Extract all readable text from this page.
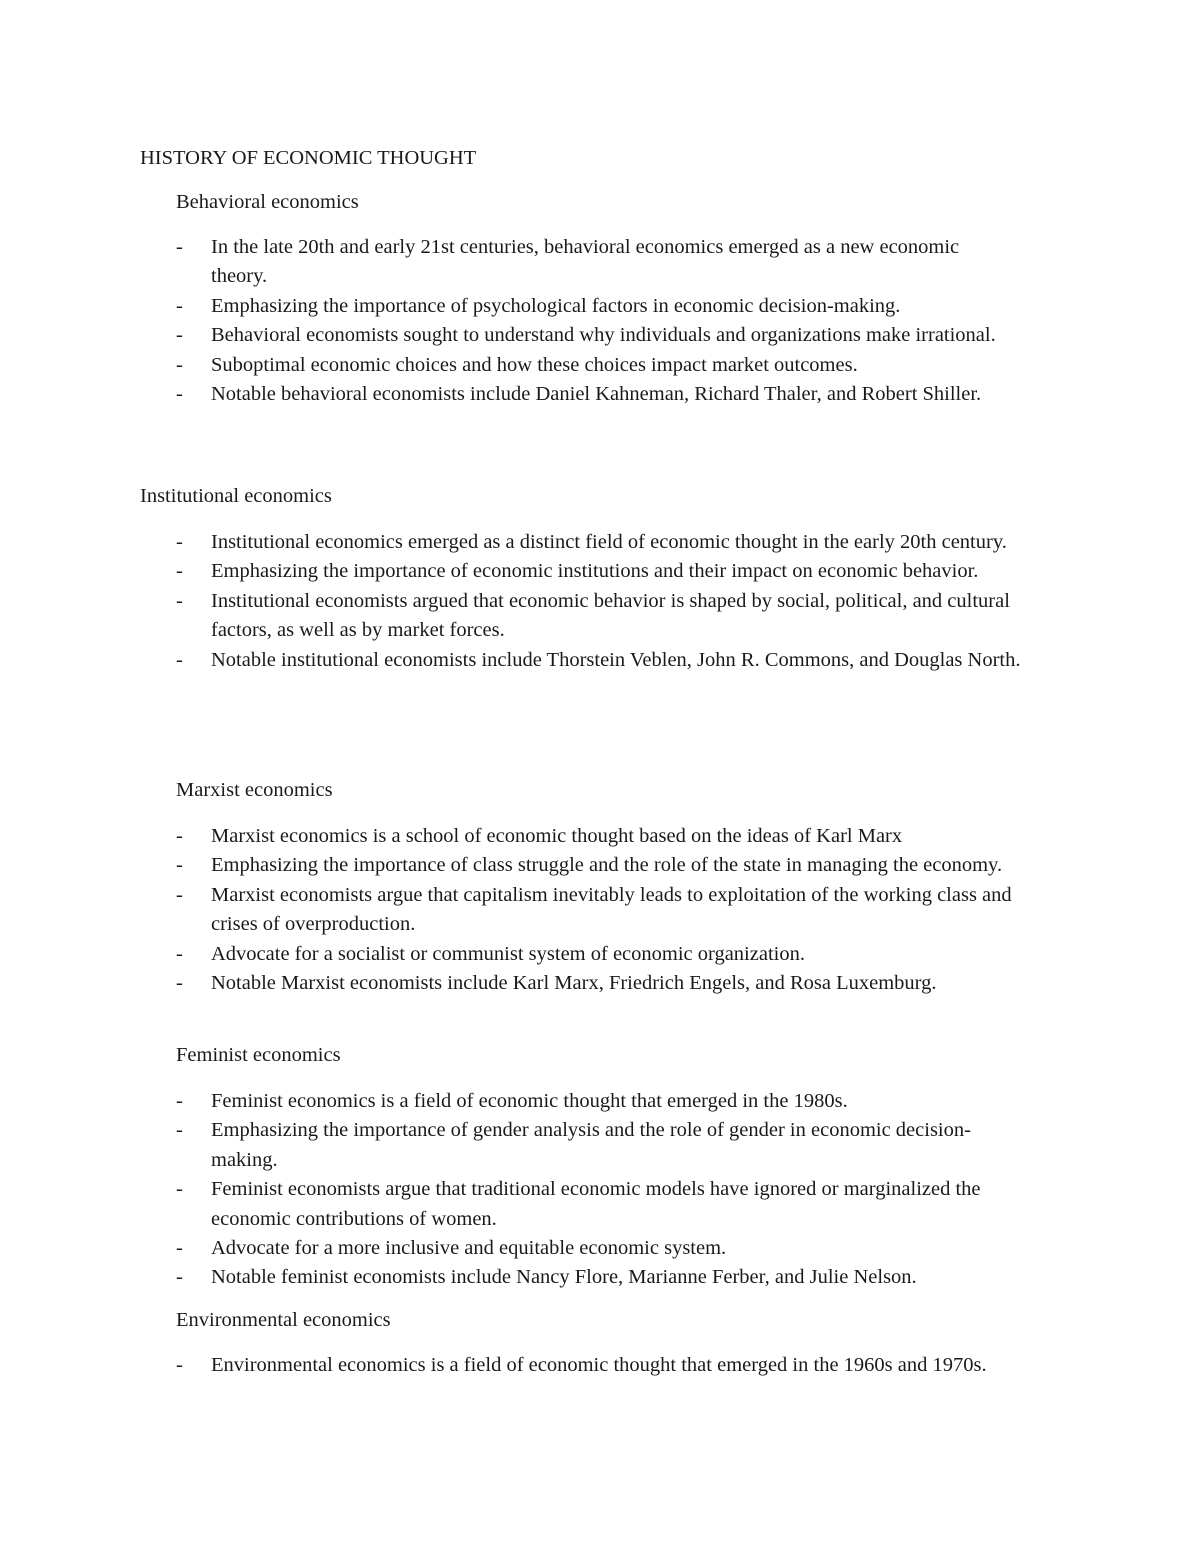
HISTORY OF ECONOMIC THOUGHT
Behavioral economics
- In the late 20th and early 21st centuries, behavioral economics emerged as a new economic theory.
- Emphasizing the importance of psychological factors in economic decision-making.
- Behavioral economists sought to understand why individuals and organizations make irrational.
- Suboptimal economic choices and how these choices impact market outcomes.
- Notable behavioral economists include Daniel Kahneman, Richard Thaler, and Robert Shiller.
Institutional economics
- Institutional economics emerged as a distinct field of economic thought in the early 20th century.
- Emphasizing the importance of economic institutions and their impact on economic behavior.
- Institutional economists argued that economic behavior is shaped by social, political, and cultural factors, as well as by market forces.
- Notable institutional economists include Thorstein Veblen, John R. Commons, and Douglas North.
Marxist economics
- Marxist economics is a school of economic thought based on the ideas of Karl Marx
- Emphasizing the importance of class struggle and the role of the state in managing the economy.
- Marxist economists argue that capitalism inevitably leads to exploitation of the working class and crises of overproduction.
- Advocate for a socialist or communist system of economic organization.
- Notable Marxist economists include Karl Marx, Friedrich Engels, and Rosa Luxemburg.
Feminist economics
- Feminist economics is a field of economic thought that emerged in the 1980s.
- Emphasizing the importance of gender analysis and the role of gender in economic decision-making.
- Feminist economists argue that traditional economic models have ignored or marginalized the economic contributions of women.
- Advocate for a more inclusive and equitable economic system.
- Notable feminist economists include Nancy Flore, Marianne Ferber, and Julie Nelson.
Environmental economics
- Environmental economics is a field of economic thought that emerged in the 1960s and 1970s.
